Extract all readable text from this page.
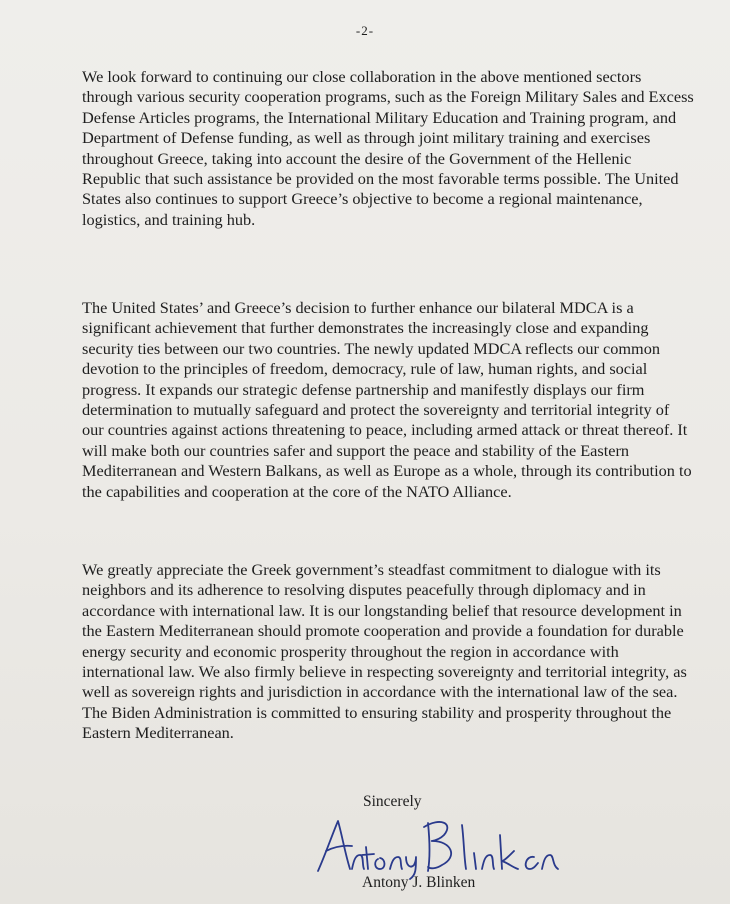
-2-

We look forward to continuing our close collaboration in the above mentioned sectors through various security cooperation programs, such as the Foreign Military Sales and Excess Defense Articles programs, the International Military Education and Training program, and Department of Defense funding, as well as through joint military training and exercises throughout Greece, taking into account the desire of the Government of the Hellenic Republic that such assistance be provided on the most favorable terms possible. The United States also continues to support Greece’s objective to become a regional maintenance, logistics, and training hub.

The United States’ and Greece’s decision to further enhance our bilateral MDCA is a significant achievement that further demonstrates the increasingly close and expanding security ties between our two countries. The newly updated MDCA reflects our common devotion to the principles of freedom, democracy, rule of law, human rights, and social progress. It expands our strategic defense partnership and manifestly displays our firm determination to mutually safeguard and protect the sovereignty and territorial integrity of our countries against actions threatening to peace, including armed attack or threat thereof. It will make both our countries safer and support the peace and stability of the Eastern Mediterranean and Western Balkans, as well as Europe as a whole, through its contribution to the capabilities and cooperation at the core of the NATO Alliance.

We greatly appreciate the Greek government’s steadfast commitment to dialogue with its neighbors and its adherence to resolving disputes peacefully through diplomacy and in accordance with international law. It is our longstanding belief that resource development in the Eastern Mediterranean should promote cooperation and provide a foundation for durable energy security and economic prosperity throughout the region in accordance with international law. We also firmly believe in respecting sovereignty and territorial integrity, as well as sovereign rights and jurisdiction in accordance with the international law of the sea. The Biden Administration is committed to ensuring stability and prosperity throughout the Eastern Mediterranean.

Sincerely
Antony J. Blinken
